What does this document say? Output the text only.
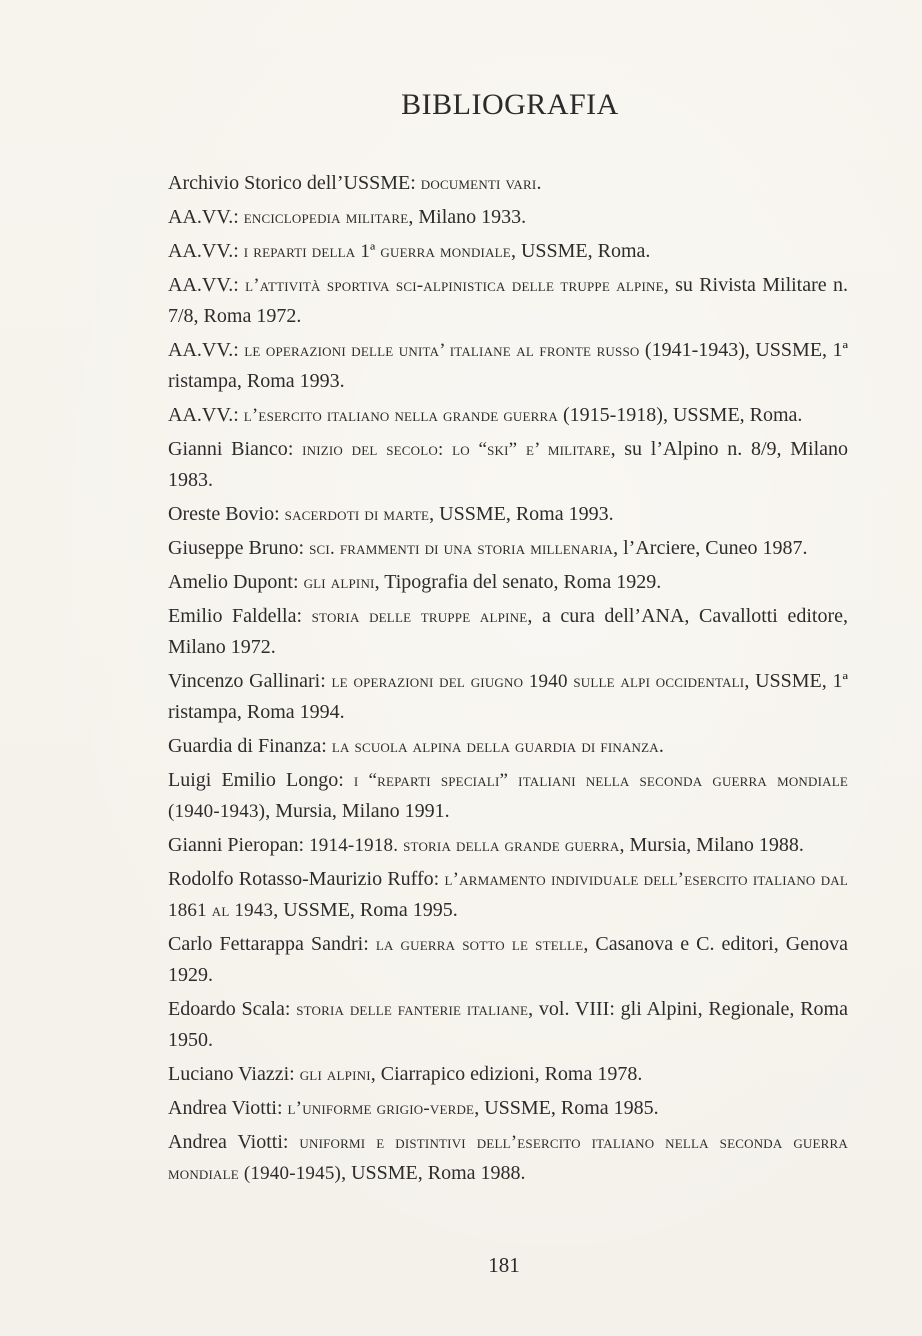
BIBLIOGRAFIA

Archivio Storico dell’USSME: documenti vari.

AA.VV.: enciclopedia militare, Milano 1933.

AA.VV.: i reparti della 1ª guerra mondiale, USSME, Roma.

AA.VV.: l’attività sportiva sci-alpinistica delle truppe alpine, su Rivista Militare n. 7/8, Roma 1972.

AA.VV.: le operazioni delle unita’ italiane al fronte russo (1941-1943), USSME, 1ª ristampa, Roma 1993.

AA.VV.: l’esercito italiano nella grande guerra (1915-1918), USSME, Roma.

Gianni Bianco: inizio del secolo: lo “ski” e’ militare, su l’Alpino n. 8/9, Milano 1983.

Oreste Bovio: sacerdoti di marte, USSME, Roma 1993.

Giuseppe Bruno: sci. frammenti di una storia millenaria, l’Arciere, Cuneo 1987.

Amelio Dupont: gli alpini, Tipografia del senato, Roma 1929.

Emilio Faldella: storia delle truppe alpine, a cura dell’ANA, Cavallotti editore, Milano 1972.

Vincenzo Gallinari: le operazioni del giugno 1940 sulle alpi occidentali, USSME, 1ª ristampa, Roma 1994.

Guardia di Finanza: la scuola alpina della guardia di finanza.

Luigi Emilio Longo: i “reparti speciali” italiani nella seconda guerra mondiale (1940-1943), Mursia, Milano 1991.

Gianni Pieropan: 1914-1918. storia della grande guerra, Mursia, Milano 1988.

Rodolfo Rotasso-Maurizio Ruffo: l’armamento individuale dell’esercito italiano dal 1861 al 1943, USSME, Roma 1995.

Carlo Fettarappa Sandri: la guerra sotto le stelle, Casanova e C. editori, Genova 1929.

Edoardo Scala: storia delle fanterie italiane, vol. VIII: gli Alpini, Regionale, Roma 1950.

Luciano Viazzi: gli alpini, Ciarrapico edizioni, Roma 1978.

Andrea Viotti: l’uniforme grigio-verde, USSME, Roma 1985.

Andrea Viotti: uniformi e distintivi dell’esercito italiano nella seconda guerra mondiale (1940-1945), USSME, Roma 1988.

181
